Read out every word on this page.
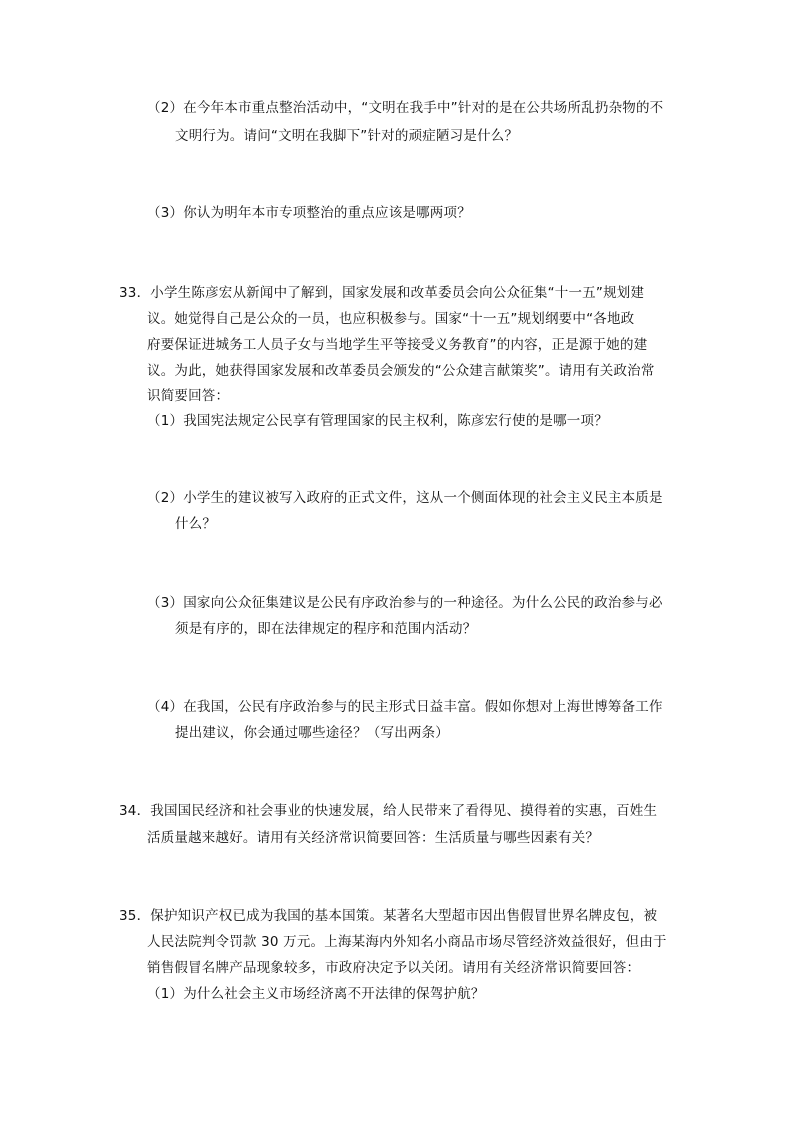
（2）在今年本市重点整治活动中，“文明在我手中”针对的是在公共场所乱扔杂物的不
文明行为。请问“文明在我脚下”针对的顽症陋习是什么？
（3）你认为明年本市专项整治的重点应该是哪两项？
33．小学生陈彦宏从新闻中了解到，国家发展和改革委员会向公众征集“十一五”规划建
议。她觉得自己是公众的一员，也应积极参与。国家“十一五”规划纲要中“各地政
府要保证进城务工人员子女与当地学生平等接受义务教育”的内容，正是源于她的建
议。为此，她获得国家发展和改革委员会颁发的“公众建言献策奖”。请用有关政治常
识简要回答：
（1）我国宪法规定公民享有管理国家的民主权利，陈彦宏行使的是哪一项？
（2）小学生的建议被写入政府的正式文件，这从一个侧面体现的社会主义民主本质是
什么？
（3）国家向公众征集建议是公民有序政治参与的一种途径。为什么公民的政治参与必
须是有序的，即在法律规定的程序和范围内活动？
（4）在我国，公民有序政治参与的民主形式日益丰富。假如你想对上海世博筹备工作
提出建议，你会通过哪些途径？（写出两条）
34．我国国民经济和社会事业的快速发展，给人民带来了看得见、摸得着的实惠，百姓生
活质量越来越好。请用有关经济常识简要回答：生活质量与哪些因素有关？
35．保护知识产权已成为我国的基本国策。某著名大型超市因出售假冒世界名牌皮包，被
人民法院判令罚款 30 万元。上海某海内外知名小商品市场尽管经济效益很好，但由于
销售假冒名牌产品现象较多，市政府决定予以关闭。请用有关经济常识简要回答：
（1）为什么社会主义市场经济离不开法律的保驾护航？
